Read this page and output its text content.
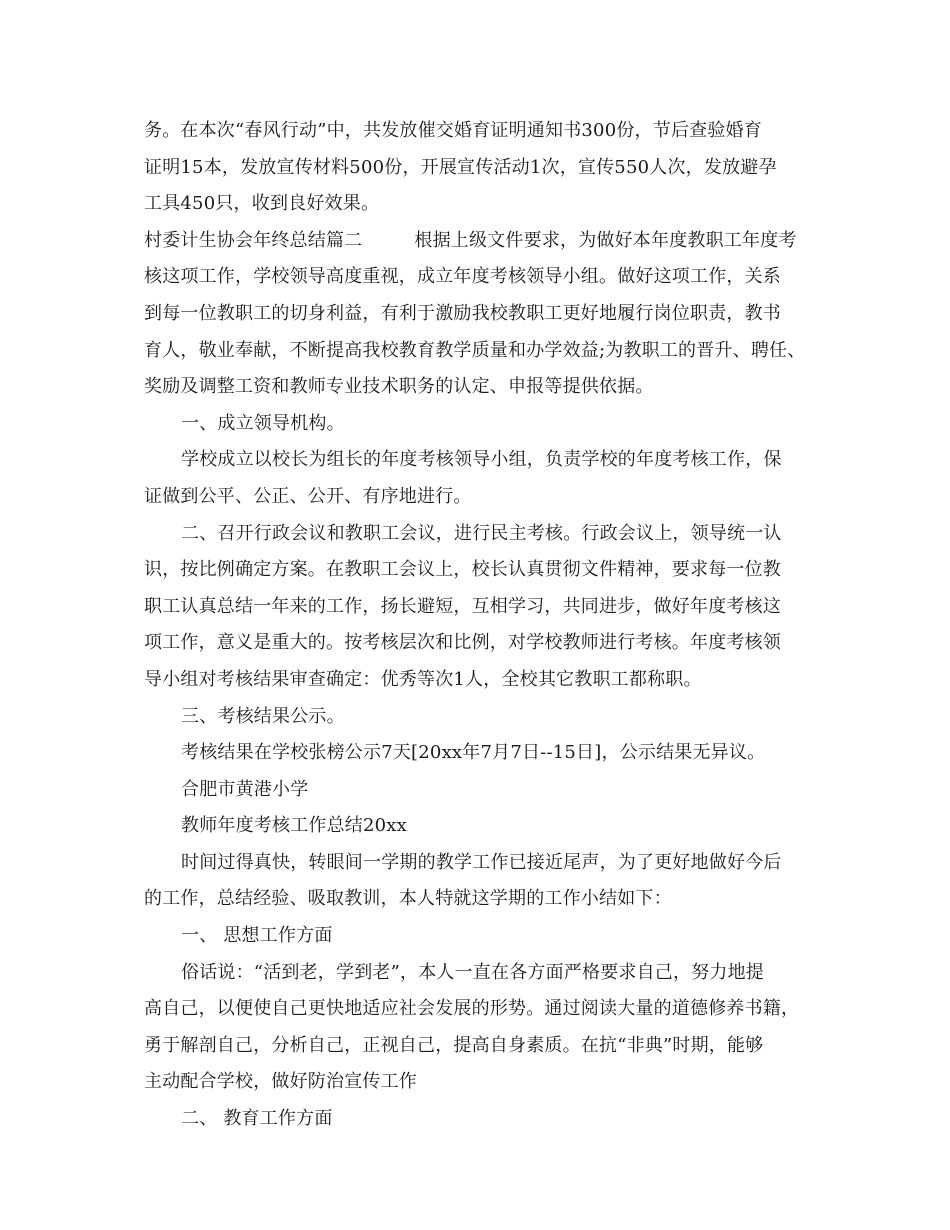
务。在本次“春风行动”中，共发放催交婚育证明通知书300份，节后查验婚育
证明15本，发放宣传材料500份，开展宣传活动1次，宣传550人次，发放避孕
工具450只，收到良好效果。
村委计生协会年终总结篇二	根据上级文件要求，为做好本年度教职工年度考
核这项工作，学校领导高度重视，成立年度考核领导小组。做好这项工作，关系
到每一位教职工的切身利益，有利于激励我校教职工更好地履行岗位职责，教书
育人，敬业奉献，不断提高我校教育教学质量和办学效益;为教职工的晋升、聘任、
奖励及调整工资和教师专业技术职务的认定、申报等提供依据。
一、成立领导机构。
学校成立以校长为组长的年度考核领导小组，负责学校的年度考核工作，保
证做到公平、公正、公开、有序地进行。
二、召开行政会议和教职工会议，进行民主考核。行政会议上，领导统一认
识，按比例确定方案。在教职工会议上，校长认真贯彻文件精神，要求每一位教
职工认真总结一年来的工作，扬长避短，互相学习，共同进步，做好年度考核这
项工作，意义是重大的。按考核层次和比例，对学校教师进行考核。年度考核领
导小组对考核结果审查确定：优秀等次1人，全校其它教职工都称职。
三、考核结果公示。
考核结果在学校张榜公示7天[20xx年7月7日--15日]，公示结果无异议。
合肥市黄港小学
教师年度考核工作总结20xx
时间过得真快，转眼间一学期的教学工作已接近尾声，为了更好地做好今后
的工作，总结经验、吸取教训，本人特就这学期的工作小结如下：
一、 思想工作方面
俗话说：“活到老，学到老”，本人一直在各方面严格要求自己，努力地提
高自己，以便使自己更快地适应社会发展的形势。通过阅读大量的道德修养书籍，
勇于解剖自己，分析自己，正视自己，提高自身素质。在抗“非典”时期，能够
主动配合学校，做好防治宣传工作
二、 教育工作方面
